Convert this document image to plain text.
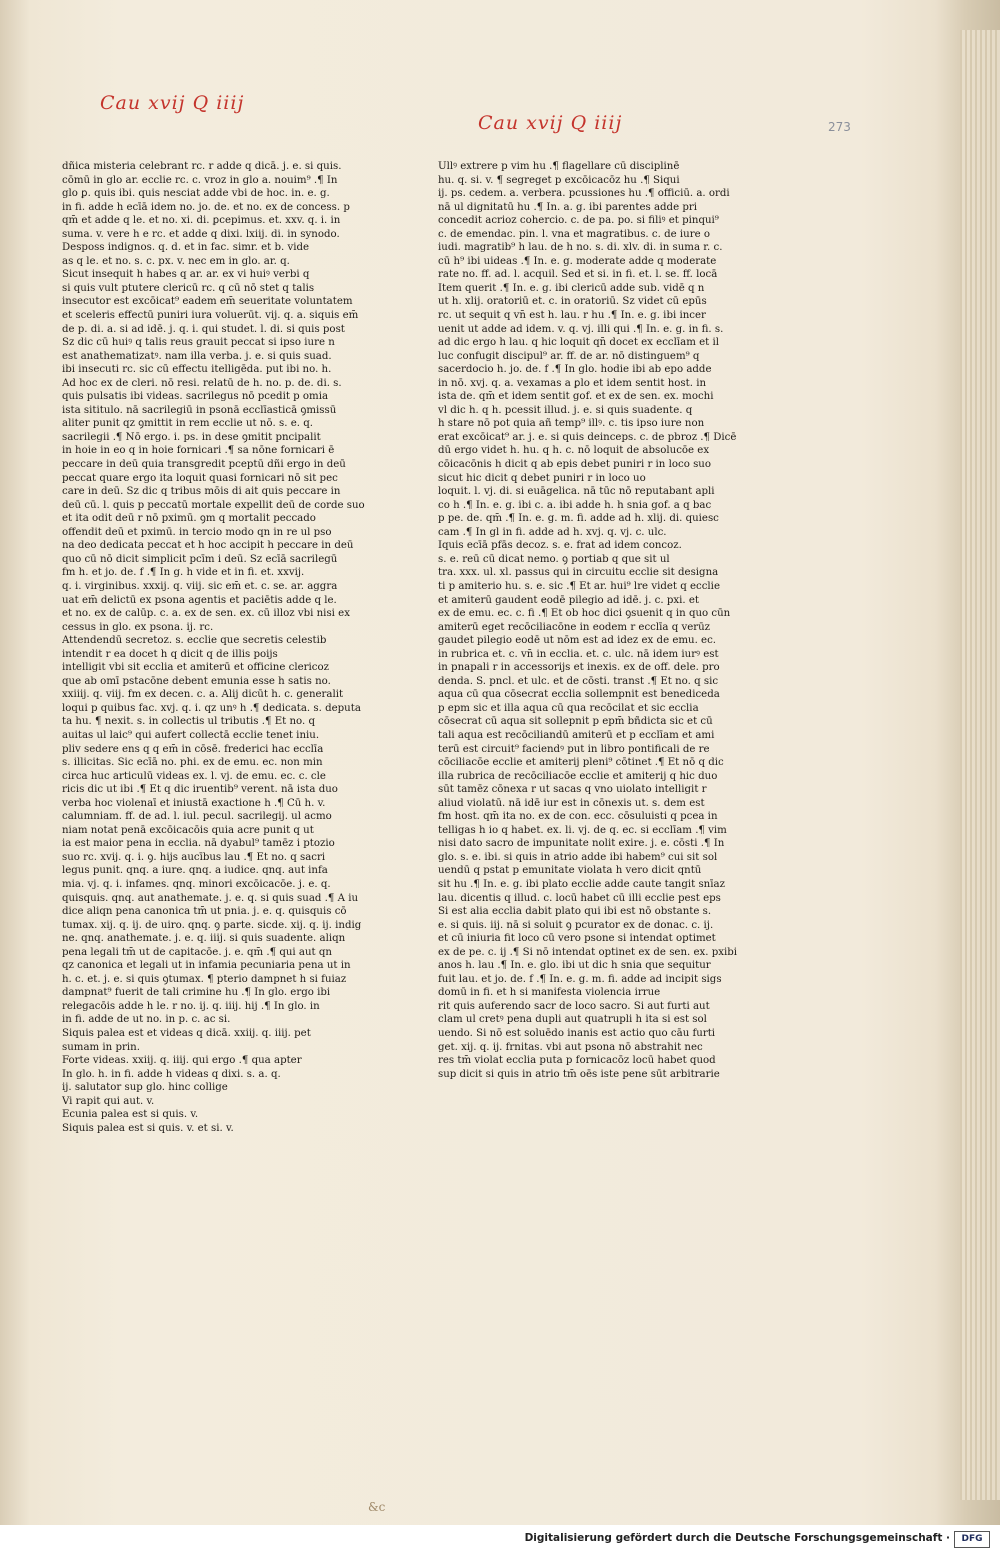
Cau xvij Q iiij
Cau xvij Q iiij	273
dñica misteria celebrant rc. r adde q dicā. j. e. si quis.
cōmū in glo ar. ecclie rc. c. vroz in glo a. nouim⁹ .¶ In
glo ꝑ. quis ibi. quis nesciat adde vbi de hoc. in. e. g.
in fi. adde h ecīā idem no. jo. de. et no. ex de concess. p
qm̄ et adde q le. et no. xi. di. ꝑcepimus. et. xxv. q. i. in
suma. v. vere h̄ e rc. et adde q dixi. lxiij. di. in synodo.
Desposs indignos. q. d. et in fac. simr. et b. vide
as q le. et no. s. c. px. v. nec em in glo. ar. q.
Sicut insequit h habes q ar. ar. ex vi huiꝰ verbi q
si quis vult ptutere clericū rc. q cū nō stet q talis
insecutor est excōicat⁹ eadem em̄ seueritate voluntatem
et sceleris effectū puniri iura voluerūt. vij. q. a. siquis em̄
de p. di. a. si ad idē. j. q. i. qui studet. l. di. si quis post
Sz dic cū huiꝰ q talis reus grauit peccat si ipso iure n
est anathematizatꝰ. nam illa verba. j. e. si quis suad.
ibi insecuti rc. sic cū effectu itelligēda. put ibi no. h.
Ad hoc ex de cleri. nō resi. relatū de h. no. p. de. di. s.
quis pulsatis ibi videas. sacrilegus nō pcedit p omia
ista sititulo. nā sacrilegiū in psonā ecclīasticā ꝯmissū
aliter punit qz ꝯmittit in rem ecclie ut nō. s. e. q.
sacrilegii .¶ Nō ergo. i. ps. in dese ꝯmitit pncipalit
in hoie in eo q in hoie fornicari .¶ sa nōne fornicari ē
peccare in deū quia transgredit pceptū dñi ergo in deū
peccat quare ergo ita loquit quasi fornicari nō sit pec
care in deū. Sz dic q tribus mōis di ait quis peccare in
deū cū. l. quis p peccatū mortale expellit deū de corde suo
et ita odit deū r nō pximū. ꝯm q mortalit peccado
offendit deū et pximū. in tercio modo qn in re ul pso
na deo dedicata peccat et h hoc accipit h peccare in deū
quo cū nō dicit simplicit pcīm i deū. Sz ecīā sacrilegū
fm h. et jo. de. f .¶ In g. h vide et in fi. et. xxvij.
q. i. virginibus. xxxij. q. viij. sic em̄ et. c. se. ar. aggra
uat em̄ delictū ex psona agentis et paciētis adde q le.
et no. ex de calūp. c. a. ex de sen. ex. cū illoz vbi nisi ex
cessus in glo. ex psona. ij. rc.
Attendendū secretoz. s. ecclie que secretis celestib
intendit r ea docet h q dicit q de illis poijs
intelligit vbi sit ecclia et amiterū et officine clericoz
que ab omī pstacōne debent emunia esse h satis no.
xxiiij. q. viij. fm ex decen. c. a. Alij dicūt h. c. generalit
loqui p quibus fac. xvj. q. i. qz unꝰ h .¶ dedicata. s. deputa
ta hu. ¶ nexit. s. in collectis ul tributis .¶ Et no. q
auitas ul laic⁹ qui aufert collectā ecclie tenet iniu.
pliv sedere ens q q em̄ in cōsē. frederici hac ecclīa
s. illicitas. Sic ecīā no. phi. ex de emu. ec. non min
circa huc articulū videas ex. l. vj. de emu. ec. c. cle
ricis dic ut ibi .¶ Et q dic iruentib⁹ verent. nā ista duo
verba hoc violenaī et iniustā exactione h .¶ Cū h. v.
calumniam. ff. de ad. l. iul. pecul. sacrilegij. ul acmo
niam notat penā excōicacōis quia acre punit q ut
ia est maior pena in ecclia. nā dyabul⁹ tamēz i ptozio
suo rc. xvij. q. i. ꝯ. hijs aucībus lau .¶ Et no. q sacri
legus punit. qnq. a iure. qnq. a iudice. qnq. aut infa
mia. vj. q. i. infames. qnq. minori excōicacōe. j. e. q.
quisquis. qnq. aut anathemate. j. e. q. si quis suad .¶ A iu
dice aliqn pena canonica tm̄ ut pnia. j. e. q. quisquis cō
tumax. xij. q. ij. de uiro. qnq. ꝯ parte. sicde. xij. q. ij. indig
ne. qnq. anathemate. j. e. q. iiij. si quis suadente. aliqn
pena legali tm̄ ut de capitacōe. j. e. qm̄ .¶ qui aut qn
qz canonica et legali ut in infamia pecuniaria pena ut in
h. c. et. j. e. si quis ꝯtumax. ¶ pterio dampnet h si fuiaz
dampnat⁹ fuerit de tali crimine hu .¶ In glo. ergo ibi
relegacōis adde h le. r no. ij. q. iiij. hij .¶ In glo. in
in fi. adde de ut no. in p. c. ac si.
Siquis palea est et videas q dicā. xxiij. q. iiij. pet
sumam in prin.
Forte videas. xxiij. q. iiij. qui ergo .¶ qua apter
In glo. h. in fi. adde h videas q dixi. s. a. q.
ij. salutator sup glo. hinc collige
Vi rapit qui aut. v.
Ecunia palea est si quis. v.
Siquis palea est si quis. v. et si. v.
Ullꝰ extrere p vim hu .¶ flagellare cū disciplinē
hu. q. si. v. ¶ segreget p excōicacōz hu .¶ Siqui
ij. ps. cedem. a. verbera. pcussiones hu .¶ officiū. a. ordi
nā ul dignitatū hu .¶ In. a. g. ibi parentes adde pri
concedit acrioz cohercio. c. de pa. po. si filiꝰ et pinqui⁹
c. de emendac. pin. l. vna et magratibus. c. de iure o
iudi. magratib⁹ h lau. de h no. s. di. xlv. di. in suma r. c.
cū h⁹ ibi uideas .¶ In. e. g. moderate adde q moderate
rate no. ff. ad. l. acquil. Sed et si. in fi. et. l. se. ff. locā
Item querit .¶ In. e. g. ibi clericū adde sub. vidē q n
ut h. xlij. oratoriū et. c. in oratoriū. Sz videt cū epūs
rc. ut sequit q vn̄ est h. lau. r hu .¶ In. e. g. ibi incer
uenit ut adde ad idem. v. q. vj. illi qui .¶ In. e. g. in fi. s.
ad dic ergo h lau. q hic loquit qn̄ docet ex ecclīam et il
luc confugit discipul⁹ ar. ff. de ar. nō distinguem⁹ q
sacerdocio h. jo. de. f .¶ In glo. hodie ibi ab epo adde
in nō. xvj. q. a. vexamas a ꝑlo et idem sentit host. in
ista de. qm̄ et idem sentit gof. et ex de sen. ex. mochi
vl dic h. q h. pcessit illud. j. e. si quis suadente. q
h stare nō pot quia añ temp⁹ illꝰ. c. tis ipso iure non
erat excōicat⁹ ar. j. e. si quis deinceps. c. de pbroz .¶ Dicē
dū ergo videt h. hu. q h. c. nō loquit de absolucōe ex
cōicacōnis h dicit q ab epis debet puniri r in loco suo
sicut hic dicit q debet puniri r in loco uo
loquit. l. vj. di. si euāgelica. nā tūc nō reputabant apli
co h .¶ In. e. g. ibi c. a. ibi adde h. h snia gof. a q bac
p pe. de. qm̄ .¶ In. e. g. m. fi. adde ad h. xlij. di. quiesc
cam .¶ In gl̄ in fi. adde ad h. xvj. q. vj. c. ulc.
Iquis ecīā pfās decoz. s. e. frat ad idem concoz.
s. e. reū cū dicat nemo. ꝯ portiab q que sit ul
tra. xxx. ul. xl. passus qui in circuitu ecclie sit designa
ti p amiterio hu. s. e. sic .¶ Et ar. hui⁹ lre videt q ecclie
et amiterū gaudent eodē pilegio ad idē. j. c. pxi. et
ex de emu. ec. c. fi .¶ Et ob hoc dici ꝯsuenit q in quo cūn
amiterū eget recōciliacōne in eodem r ecclīa q verūz
gaudet pilegio eodē ut nōm est ad idez ex de emu. ec.
in rubrica et. c. vn̄ in ecclia. et. c. ulc. nā idem iurꝰ est
in pnapali r in accessorijs et inexis. ex de off. dele. pro
denda. S. pncl. et ulc. et de cōsti. transt .¶ Et no. q sic
aqua cū qua cōsecrat ecclia sollempnit est benediceda
p epm sic et illa aqua cū qua recōcilat et sic ecclia
cōsecrat cū aqua sit sollepnit p epm̄ bñdicta sic et cū
tali aqua est recōciliandū amiterū et p ecclīam et ami
terū est circuit⁹ faciendꝰ put in libro pontificali de re
cōciliacōe ecclie et amiterij pleni⁹ cōtinet .¶ Et nō q dic
illa rubrica de recōciliacōe ecclie et amiterij q hic duo
sūt tamēz cōnexa r ut sacas q vno uiolato intelligit r
aliud violatū. nā idē iur est in cōnexis ut. s. dem est
fm host. qm̄ ita no. ex de con. ecc. cōsuluisti q pcea in
telligas h io q habet. ex. li. vj. de q. ec. si ecclīam .¶ vim
nisi dato sacro de impunitate nolit exire. j. e. cōsti .¶ In
glo. s. e. ibi. si quis in atrio adde ibi habem⁹ cui sit sol
uendū q pstat p emunitate violata h vero dicit qntū
sit hu .¶ In. e. g. ibi plato ecclie adde caute tangit snīaz
lau. dicentis q illud. c. locū habet cū illi ecclie pest eps
Si est alia ecclia dabit plato qui ibi est nō obstante s.
e. si quis. iij. nā si soluit ꝯ pcurator ex de donac. c. ij.
et cū iniuria fit loco cū vero psone si intendat optimet
ex de pe. c. ij .¶ Si nō intendat optinet ex de sen. ex. pxibi
anos h. lau .¶ In. e. glo. ibi ut dic h snia que sequitur
fuit lau. et jo. de. f .¶ In. e. g. m. fi. adde ad incipit sigs
domū in fi. et h si manifesta violencia irrue
rit quis auferendo sacr de loco sacro. Si aut furti aut
clam ul cretꝰ pena dupli aut quatrupli h ita si est sol
uendo. Si nō est soluēdo inanis est actio quo cāu furti
get. xij. q. ij. frnitas. vbi aut psona nō abstrahit nec
res tm̄ violat ecclia puta p fornicacōz locū habet quod
sup dicit si quis in atrio tm̄ oēs iste pene sūt arbitrarie
&c
Digitalisierung gefördert durch die Deutsche Forschungsgemeinschaft ·	DFG
